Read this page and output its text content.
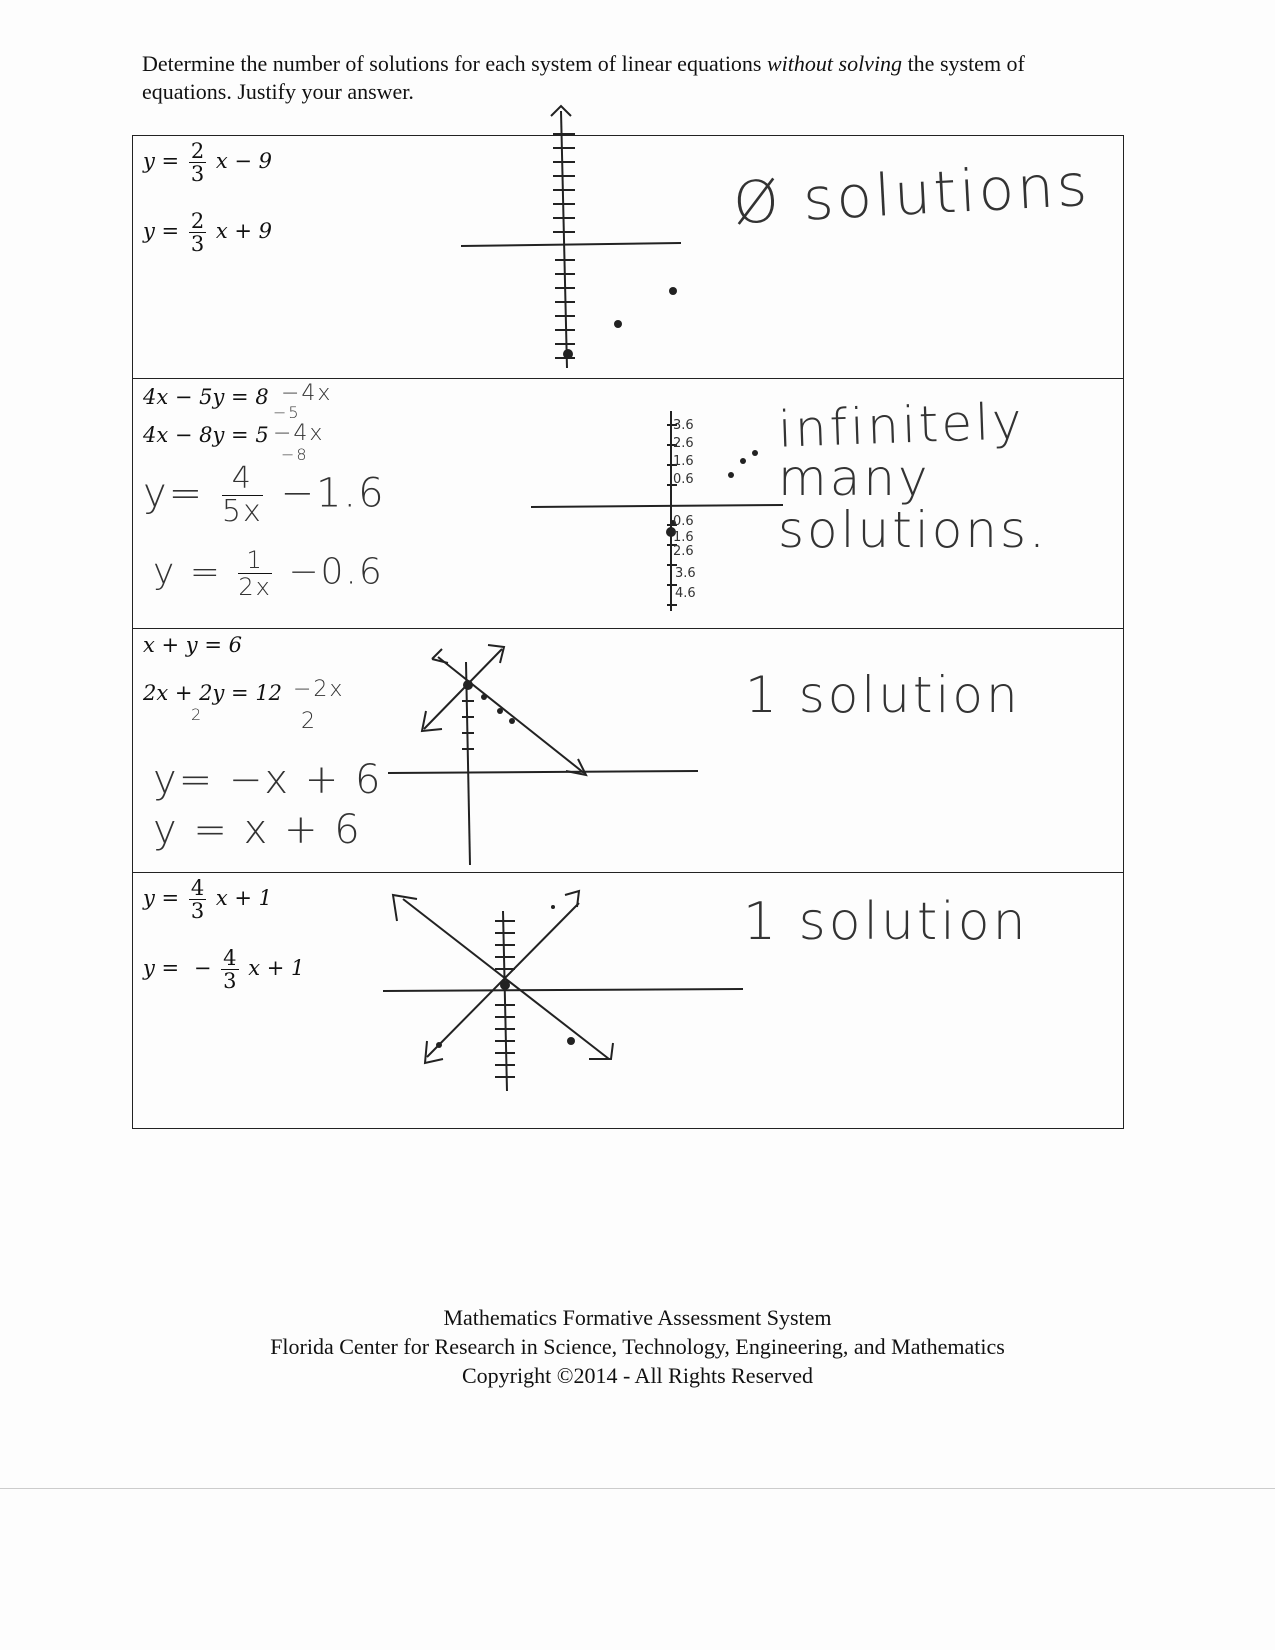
Determine the number of solutions for each system of linear equations without solving the system of equations. Justify your answer.
$y = \frac{2}{3}$ x − 9
$y = \frac{2}{3}$ x + 9	Ø solutions
4x − 5y = 8 −4x
−5
4x − 8y = 5 −4x
−8
$y= \frac{4}{5x} -1.6$
$y = \frac{1}{2x} -0.6$
3.6
2.6
1.6
0.6
0.6
1.6
2.6
3.6
4.6
infinitely
many
solutions.
x + y = 6
2x + 2y = 12 −2x
2	2
y= −x + 6
y = x + 6
1 solution
$y = \frac{4}{3}$ x + 1
y = − $\frac{4}{3}$ x + 1
1 solution
Mathematics Formative Assessment System
Florida Center for Research in Science, Technology, Engineering, and Mathematics
Copyright ©2014 - All Rights Reserved
